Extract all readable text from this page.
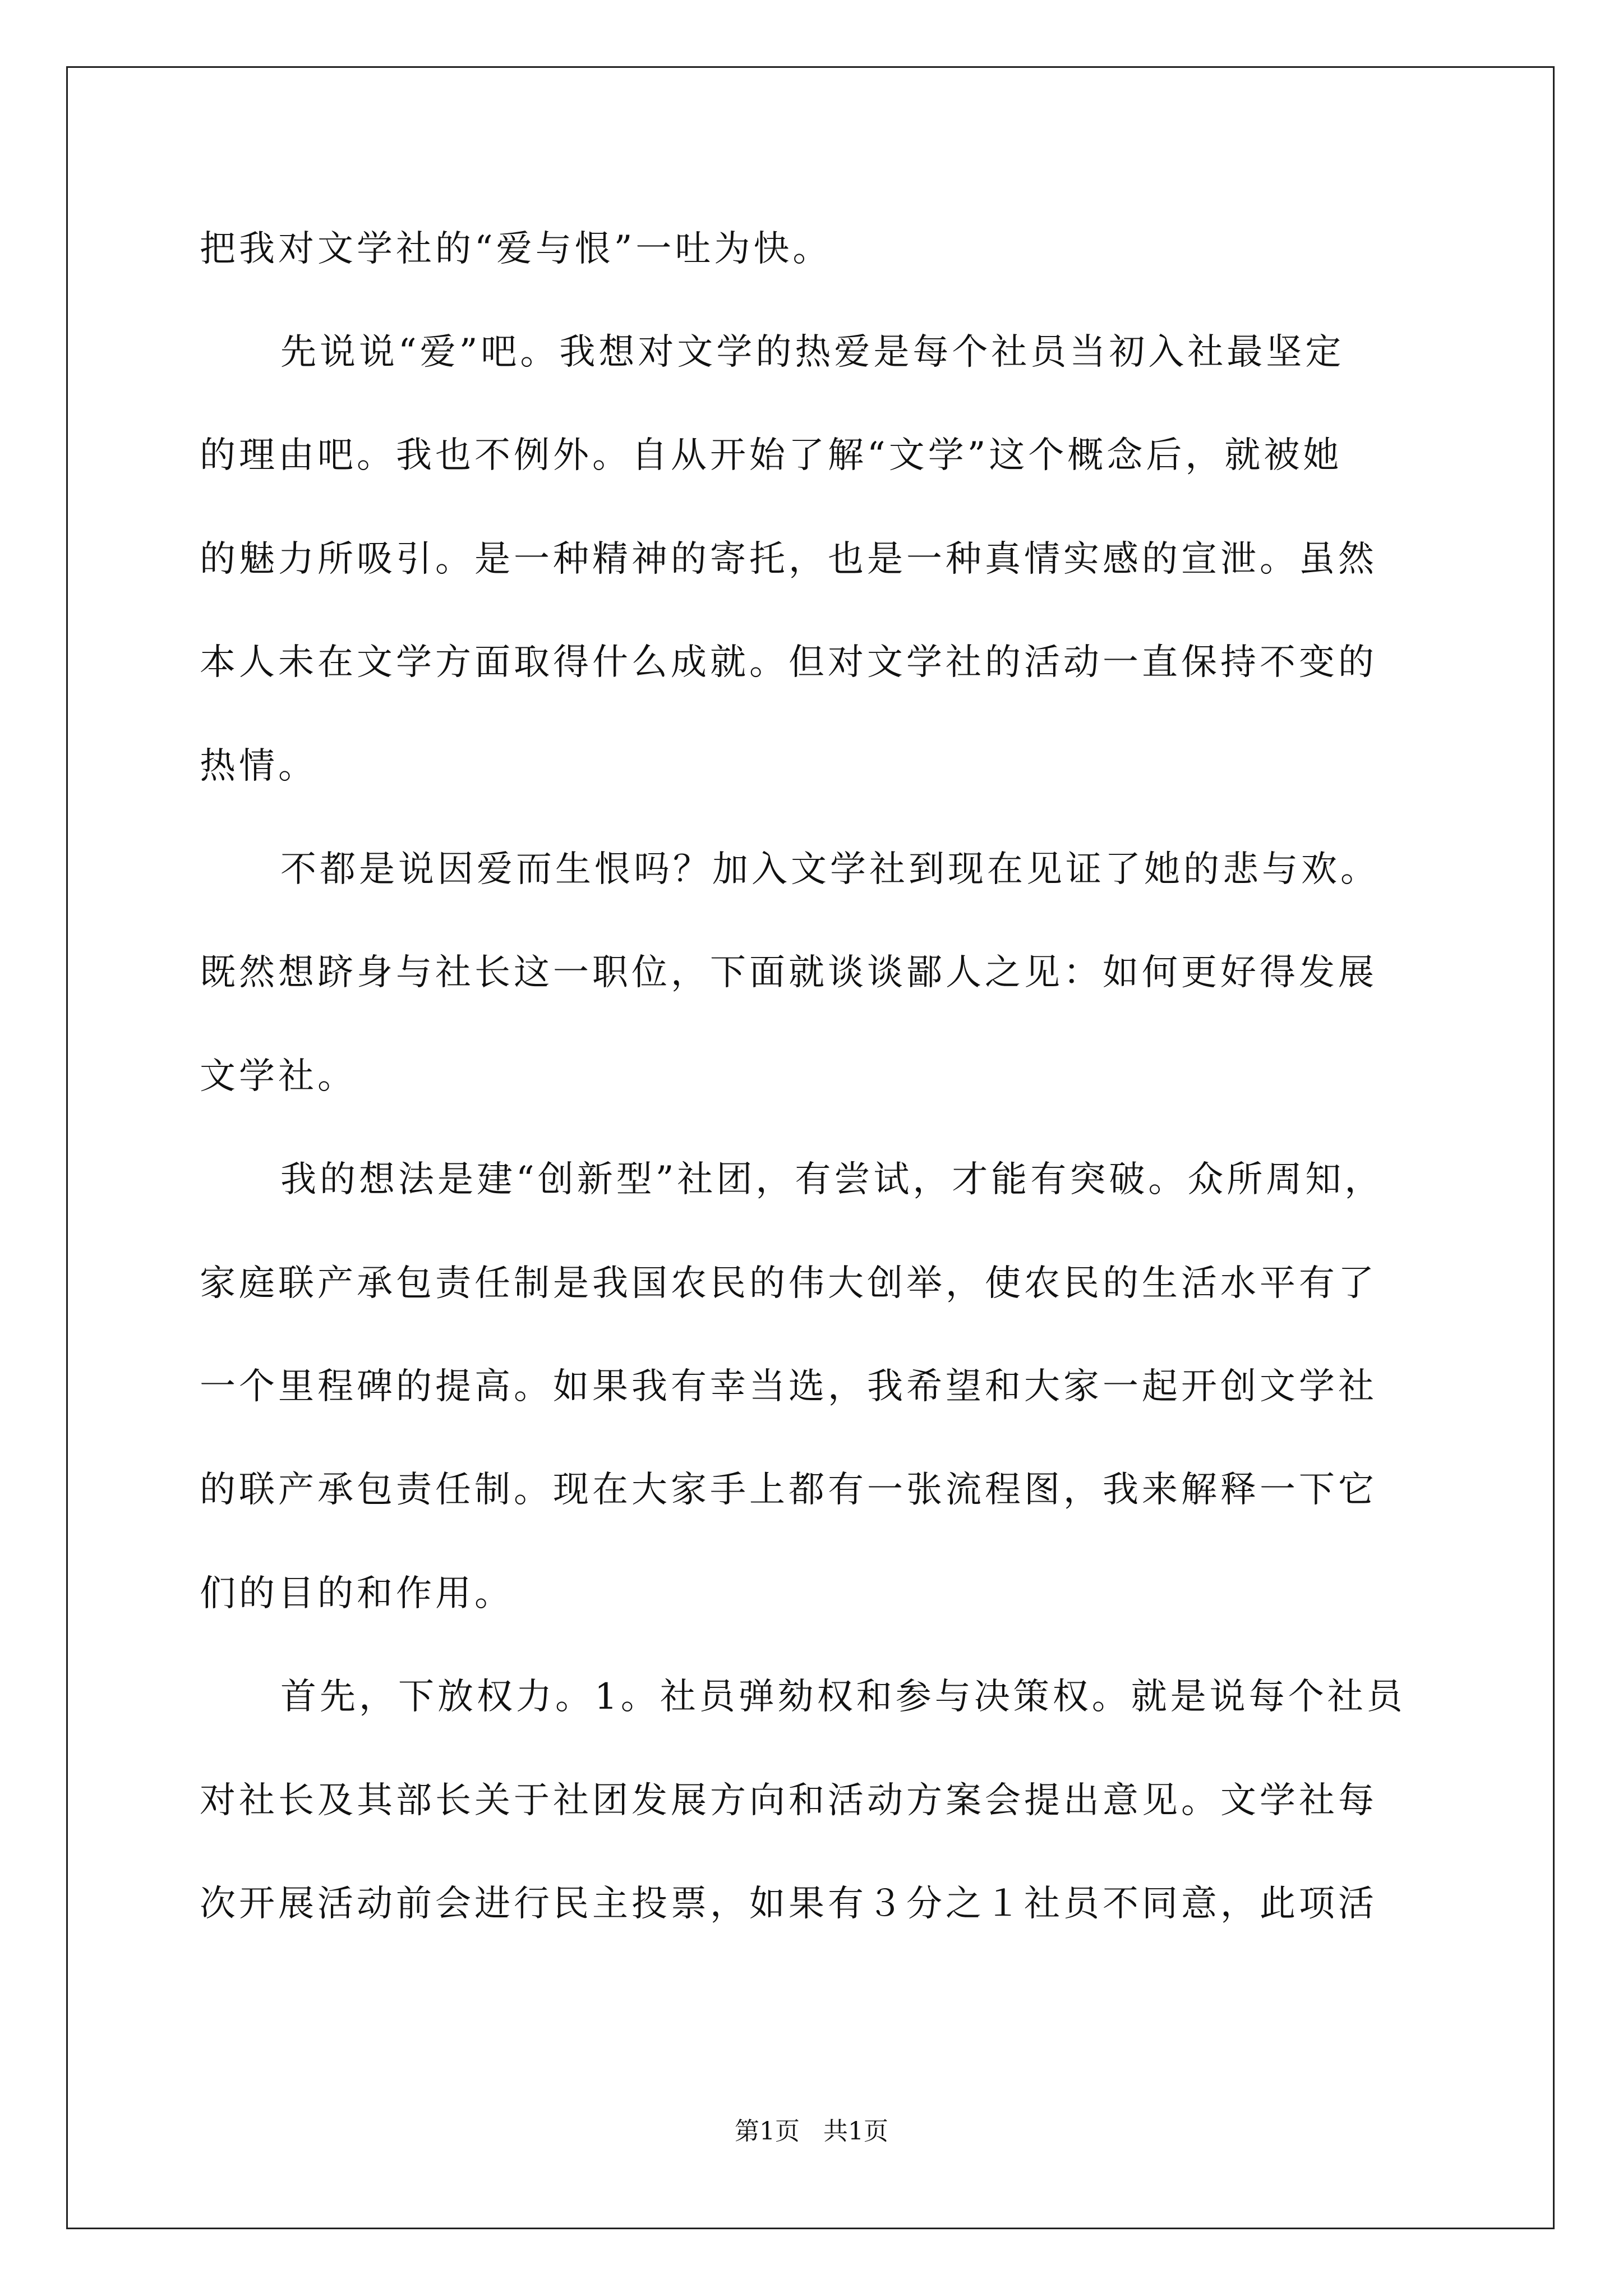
把我对文学社的“爱与恨”一吐为快。
先说说“爱”吧。我想对文学的热爱是每个社员当初入社最坚定
的理由吧。我也不例外。自从开始了解“文学”这个概念后，就被她
的魅力所吸引。是一种精神的寄托，也是一种真情实感的宣泄。虽然
本人未在文学方面取得什么成就。但对文学社的活动一直保持不变的
热情。
不都是说因爱而生恨吗？加入文学社到现在见证了她的悲与欢。
既然想跻身与社长这一职位，下面就谈谈鄙人之见：如何更好得发展
文学社。
我的想法是建“创新型”社团，有尝试，才能有突破。众所周知，
家庭联产承包责任制是我国农民的伟大创举，使农民的生活水平有了
一个里程碑的提高。如果我有幸当选，我希望和大家一起开创文学社
的联产承包责任制。现在大家手上都有一张流程图，我来解释一下它
们的目的和作用。
首先，下放权力。1。社员弹劾权和参与决策权。就是说每个社员
对社长及其部长关于社团发展方向和活动方案会提出意见。文学社每
次开展活动前会进行民主投票，如果有３分之１社员不同意，此项活
第1页 共1页
